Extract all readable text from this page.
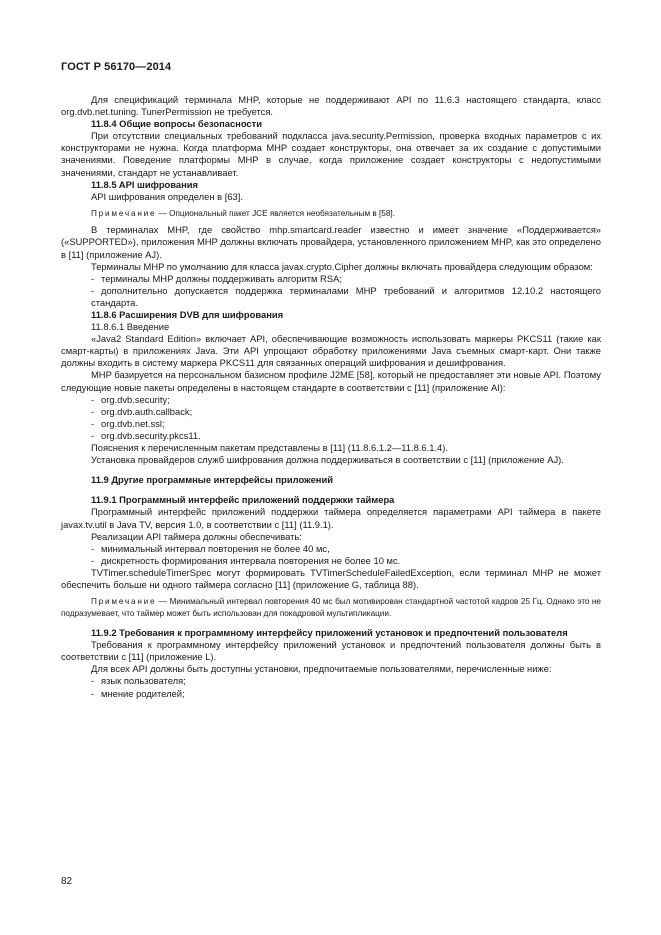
ГОСТ Р 56170—2014

Для спецификаций терминала MHP, которые не поддерживают API по 11.6.3 настоящего стандарта, класс org.dvb.net.tuning. TunerPermission не требуется.

11.8.4 Общие вопросы безопасности

При отсутствии специальных требований подкласса java.security.Permission, проверка входных параметров с их конструкторами не нужна. Когда платформа MHP создает конструкторы, она отвечает за их создание с допустимыми значениями. Поведение платформы MHP в случае, когда приложение создает конструкторы с недопустимыми значениями, стандарт не устанавливает.

11.8.5 API шифрования

API шифрования определен в [63].

Примечание — Опциональный пакет JCE является необязательным в [58].

В терминалах MHP, где свойство mhp.smartcard.reader известно и имеет значение «Поддерживается» («SUPPORTED»), приложения MHP должны включать провайдера, установленного приложением MHP, как это определено в [11] (приложение AJ).

Терминалы MHP по умолчанию для класса javax.crypto.Cipher должны включать провайдера следующим образом:

- терминалы MHP должны поддерживать алгоритм RSA;

- дополнительно допускается поддержка терминалами MHP требований и алгоритмов 12.10.2 настоящего стандарта.

11.8.6 Расширения DVB для шифрования

11.8.6.1 Введение

«Java2 Standard Edition» включает API, обеспечивающие возможность использовать маркеры PKCS11 (такие как смарт-карты) в приложениях Java. Эти API упрощают обработку приложениями Java съемных смарт-карт. Они также должны входить в систему маркера PKCS11 для связанных операций шифрования и дешифрования.

MHP базируется на персональном базисном профиле J2ME [58], который не предоставляет эти новые API. Поэтому следующие новые пакеты определены в настоящем стандарте в соответствии с [11] (приложение AI):

- org.dvb.security;

- org.dvb.auth.callback;

- org.dvb.net.ssl;

- org.dvb.security.pkcs11.

Пояснения к перечисленным пакетам представлены в [11] (11.8.6.1.2—11.8.6.1.4).

Установка провайдеров служб шифрования должна поддерживаться в соответствии с [11] (приложение AJ).

11.9 Другие программные интерфейсы приложений

11.9.1 Программный интерфейс приложений поддержки таймера

Программный интерфейс приложений поддержки таймера определяется параметрами API таймера в пакете javax.tv.util в Java TV, версия 1.0, в соответствии с [11] (11.9.1).

Реализации API таймера должны обеспечивать:

- минимальный интервал повторения не более 40 мс,

- дискретность формирования интервала повторения не более 10 мс.

TVTimer.scheduleTimerSpec могут формировать TVTimerScheduleFailedException, если терминал MHP не может обеспечить больше ни одного таймера согласно [11] (приложение G, таблица 88).

Примечание — Минимальный интервал повторения 40 мс был мотивирован стандартной частотой кадров 25 Гц. Однако это не подразумевает, что таймер может быть использован для покадровой мультипликации.

11.9.2 Требования к программному интерфейсу приложений установок и предпочтений пользователя

Требования к программному интерфейсу приложений установок и предпочтений пользователя должны быть в соответствии с [11] (приложение L).

Для всех API должны быть доступны установки, предпочитаемые пользователями, перечисленные ниже:

- язык пользователя;

- мнение родителей;

82
